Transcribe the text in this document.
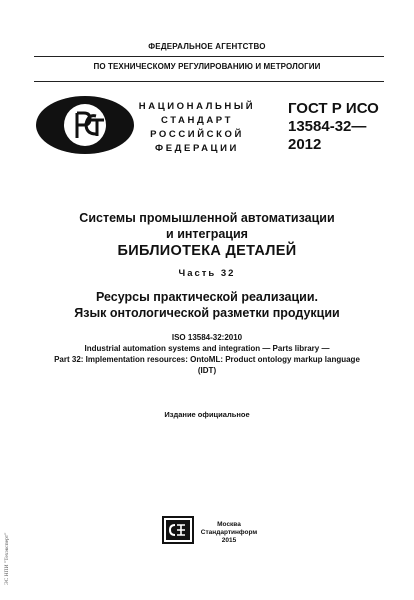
ФЕДЕРАЛЬНОЕ АГЕНТСТВО
ПО ТЕХНИЧЕСКОМУ РЕГУЛИРОВАНИЮ И МЕТРОЛОГИИ
НАЦИОНАЛЬНЫЙ
СТАНДАРТ
РОССИЙСКОЙ
ФЕДЕРАЦИИ
ГОСТ Р ИСО
13584-32—
2012
Системы промышленной автоматизации
и интеграция
БИБЛИОТЕКА ДЕТАЛЕЙ
Часть 32
Ресурсы практической реализации.
Язык онтологической разметки продукции
ISO 13584-32:2010
Industrial automation systems and integration — Parts library —
Part 32: Implementation resources: OntoML: Product ontology markup language
(IDT)
Издание официальное
Москва
Стандартинформ
2015
ЭС НПИ "Техэксперт"
